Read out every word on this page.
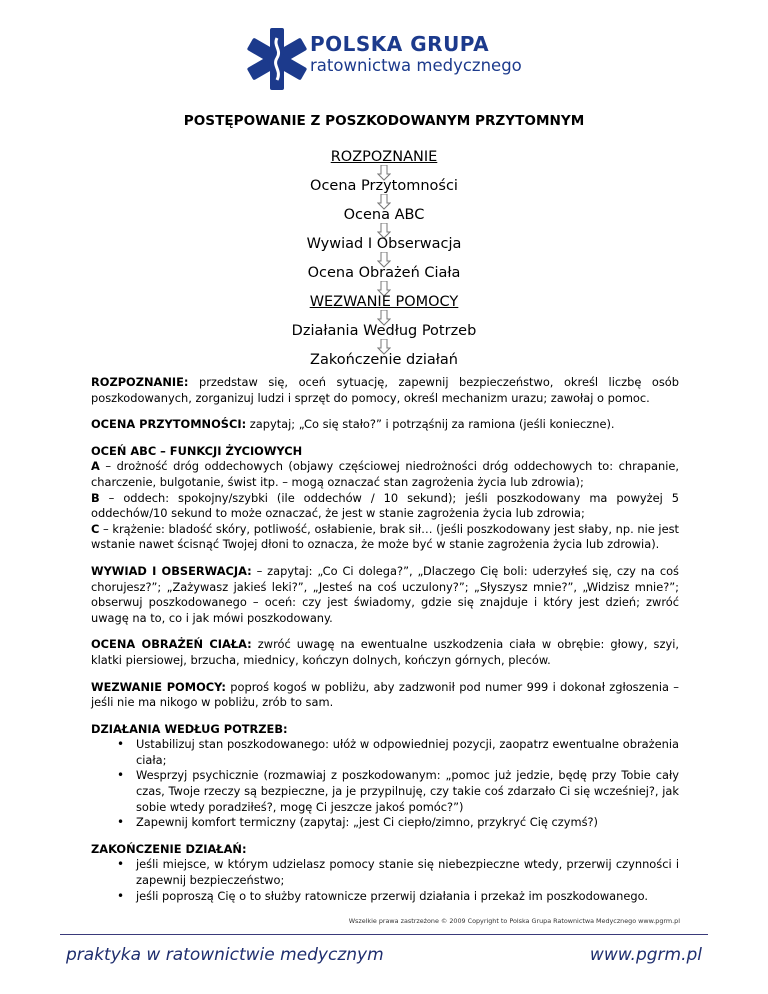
POLSKA GRUPA
ratownictwa medycznego
POSTĘPOWANIE Z POSZKODOWANYM PRZYTOMNYM
ROZPOZNANIE
Ocena Przytomności
Ocena ABC
Wywiad I Obserwacja
Ocena Obrażeń Ciała
WEZWANIE POMOCY
Działania Według Potrzeb
Zakończenie działań

ROZPOZNANIE: przedstaw się, oceń sytuację, zapewnij bezpieczeństwo, określ liczbę osób poszkodowanych, zorganizuj ludzi i sprzęt do pomocy, określ mechanizm urazu; zawołaj o pomoc.

OCENA PRZYTOMNOŚCI: zapytaj; „Co się stało?” i potrząśnij za ramiona (jeśli konieczne).

OCEŃ ABC – FUNKCJI ŻYCIOWYCH
A – drożność dróg oddechowych (objawy częściowej niedrożności dróg oddechowych to: chrapanie, charczenie, bulgotanie, świst itp. – mogą oznaczać stan zagrożenia życia lub zdrowia);
B – oddech: spokojny/szybki (ile oddechów / 10 sekund); jeśli poszkodowany ma powyżej 5 oddechów/10 sekund to może oznaczać, że jest w stanie zagrożenia życia lub zdrowia;
C – krążenie: bladość skóry, potliwość, osłabienie, brak sił… (jeśli poszkodowany jest słaby, np. nie jest wstanie nawet ścisnąć Twojej dłoni to oznacza, że może być w stanie zagrożenia życia lub zdrowia).

WYWIAD I OBSERWACJA: – zapytaj: „Co Ci dolega?”, „Dlaczego Cię boli: uderzyłeś się, czy na coś chorujesz?”; „Zażywasz jakieś leki?”, „Jesteś na coś uczulony?”; „Słyszysz mnie?”, „Widzisz mnie?”; obserwuj poszkodowanego – oceń: czy jest świadomy, gdzie się znajduje i który jest dzień; zwróć uwagę na to, co i jak mówi poszkodowany.

OCENA OBRAŻEŃ CIAŁA: zwróć uwagę na ewentualne uszkodzenia ciała w obrębie: głowy, szyi, klatki piersiowej, brzucha, miednicy, kończyn dolnych, kończyn górnych, pleców.

WEZWANIE POMOCY: poproś kogoś w pobliżu, aby zadzwonił pod numer 999 i dokonał zgłoszenia – jeśli nie ma nikogo w pobliżu, zrób to sam.

DZIAŁANIA WEDŁUG POTRZEB:
• Ustabilizuj stan poszkodowanego: ułóż w odpowiedniej pozycji, zaopatrz ewentualne obrażenia ciała;
• Wesprzyj psychicznie (rozmawiaj z poszkodowanym: „pomoc już jedzie, będę przy Tobie cały czas, Twoje rzeczy są bezpieczne, ja je przypilnuję, czy takie coś zdarzało Ci się wcześniej?, jak sobie wtedy poradziłeś?, mogę Ci jeszcze jakoś pomóc?”)
• Zapewnij komfort termiczny (zapytaj: „jest Ci ciepło/zimno, przykryć Cię czymś?)
ZAKOŃCZENIE DZIAŁAŃ:
• jeśli miejsce, w którym udzielasz pomocy stanie się niebezpieczne wtedy, przerwij czynności i zapewnij bezpieczeństwo;
• jeśli poproszą Cię o to służby ratownicze przerwij działania i przekaż im poszkodowanego.
Wszelkie prawa zastrzeżone © 2009 Copyright to Polska Grupa Ratownictwa Medycznego www.pgrm.pl
praktyka w ratownictwie medycznym	www.pgrm.pl
